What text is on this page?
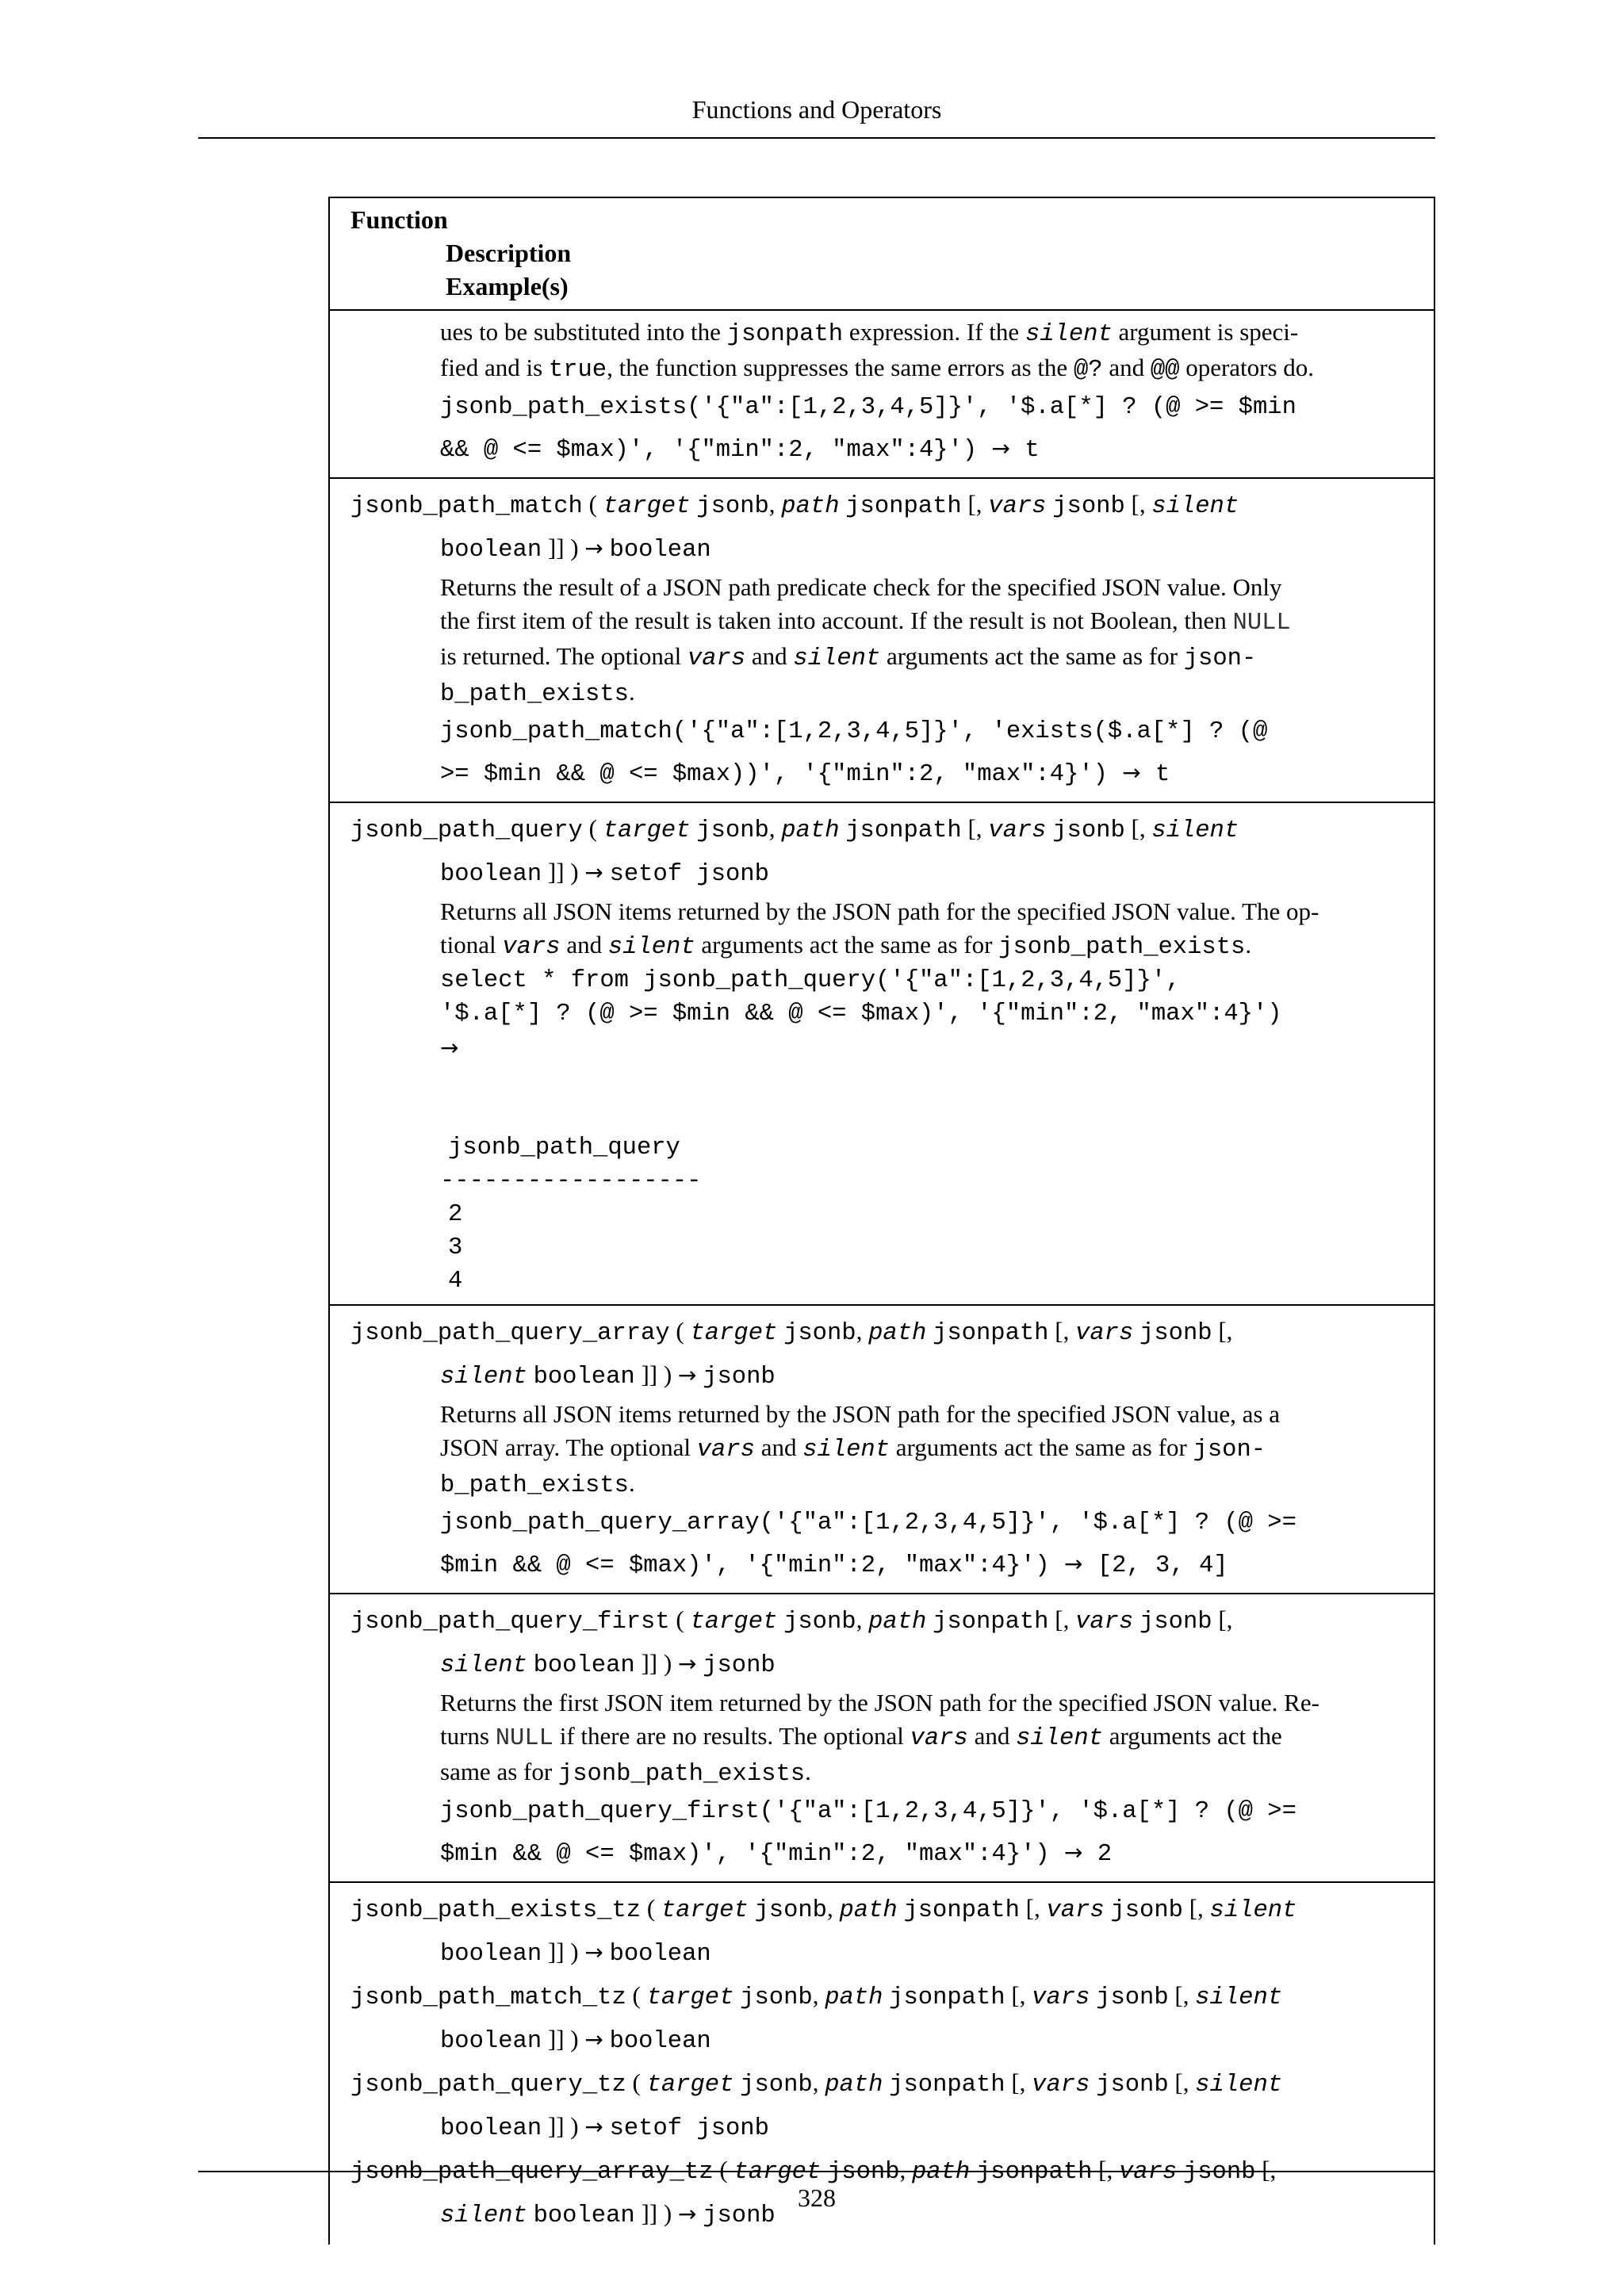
Functions and Operators
Function
Description
Example(s)
ues to be substituted into the jsonpath expression. If the silent argument is speci-
fied and is true, the function suppresses the same errors as the @? and @@ operators do.
jsonb_path_exists('{"a":[1,2,3,4,5]}', '$.a[*] ? (@ >= $min
&& @ <= $max)', '{"min":2, "max":4}') → t
jsonb_path_match ( target jsonb, path jsonpath [, vars jsonb [, silent
boolean ]] ) → boolean
Returns the result of a JSON path predicate check for the specified JSON value. Only
the first item of the result is taken into account. If the result is not Boolean, then NULL
is returned. The optional vars and silent arguments act the same as for json-
b_path_exists.
jsonb_path_match('{"a":[1,2,3,4,5]}', 'exists($.a[*] ? (@
>= $min && @ <= $max))', '{"min":2, "max":4}') → t
jsonb_path_query ( target jsonb, path jsonpath [, vars jsonb [, silent
boolean ]] ) → setof jsonb
Returns all JSON items returned by the JSON path for the specified JSON value. The op-
tional vars and silent arguments act the same as for jsonb_path_exists.
select * from jsonb_path_query('{"a":[1,2,3,4,5]}',
'$.a[*] ? (@ >= $min && @ <= $max)', '{"min":2, "max":4}')
→
jsonb_path_query
------------------
2
3
4
jsonb_path_query_array ( target jsonb, path jsonpath [, vars jsonb [,
silent boolean ]] ) → jsonb
Returns all JSON items returned by the JSON path for the specified JSON value, as a
JSON array. The optional vars and silent arguments act the same as for json-
b_path_exists.
jsonb_path_query_array('{"a":[1,2,3,4,5]}', '$.a[*] ? (@ >=
$min && @ <= $max)', '{"min":2, "max":4}') → [2, 3, 4]
jsonb_path_query_first ( target jsonb, path jsonpath [, vars jsonb [,
silent boolean ]] ) → jsonb
Returns the first JSON item returned by the JSON path for the specified JSON value. Re-
turns NULL if there are no results. The optional vars and silent arguments act the
same as for jsonb_path_exists.
jsonb_path_query_first('{"a":[1,2,3,4,5]}', '$.a[*] ? (@ >=
$min && @ <= $max)', '{"min":2, "max":4}') → 2
jsonb_path_exists_tz ( target jsonb, path jsonpath [, vars jsonb [, silent
boolean ]] ) → boolean
jsonb_path_match_tz ( target jsonb, path jsonpath [, vars jsonb [, silent
boolean ]] ) → boolean
jsonb_path_query_tz ( target jsonb, path jsonpath [, vars jsonb [, silent
boolean ]] ) → setof jsonb
jsonb_path_query_array_tz ( target jsonb, path jsonpath [, vars jsonb [,
silent boolean ]] ) → jsonb
328
